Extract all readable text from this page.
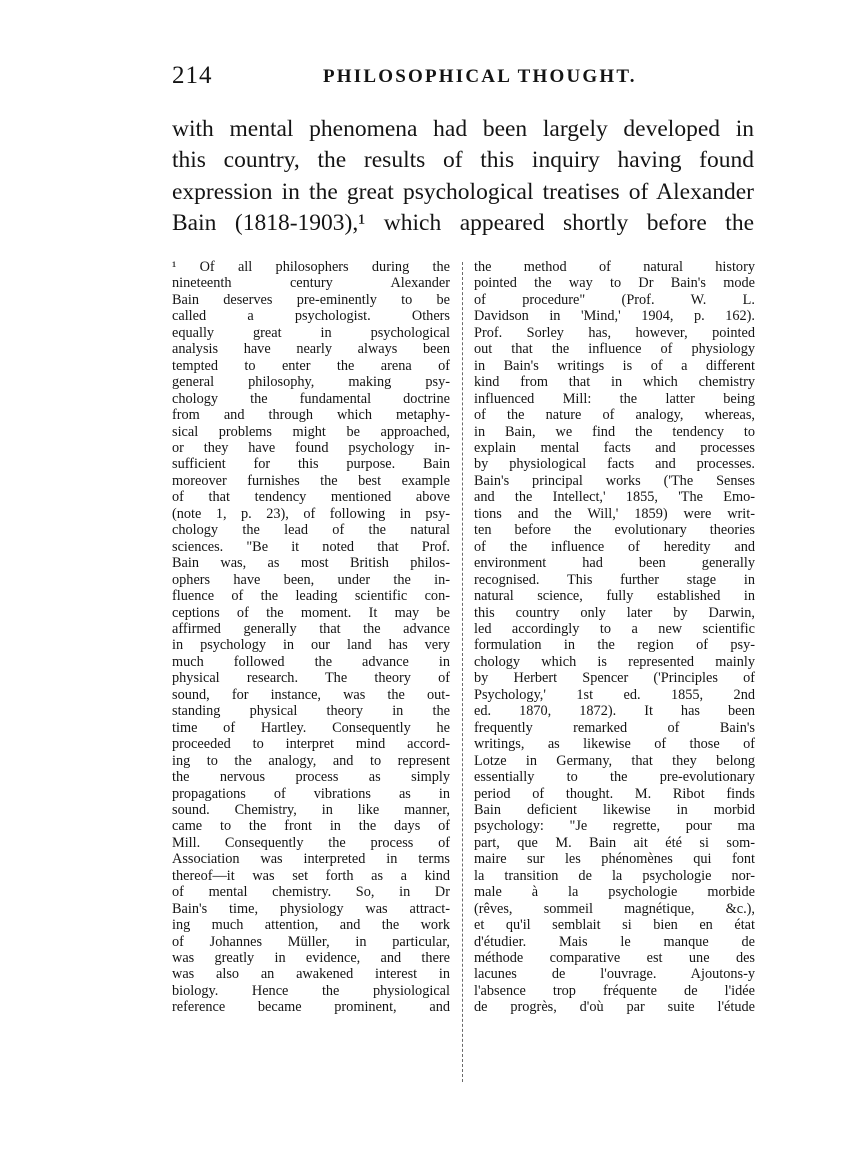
214	PHILOSOPHICAL THOUGHT.
with mental phenomena had been largely developed in
this country, the results of this inquiry having found
expression in the great psychological treatises of Alexander
Bain (1818-1903),¹ which appeared shortly before the
¹ Of all philosophers during the
nineteenth century Alexander
Bain deserves pre-eminently to be
called a psychologist. Others
equally great in psychological
analysis have nearly always been
tempted to enter the arena of
general philosophy, making psy-
chology the fundamental doctrine
from and through which metaphy-
sical problems might be approached,
or they have found psychology in-
sufficient for this purpose. Bain
moreover furnishes the best example
of that tendency mentioned above
(note 1, p. 23), of following in psy-
chology the lead of the natural
sciences. "Be it noted that Prof.
Bain was, as most British philos-
ophers have been, under the in-
fluence of the leading scientific con-
ceptions of the moment. It may be
affirmed generally that the advance
in psychology in our land has very
much followed the advance in
physical research. The theory of
sound, for instance, was the out-
standing physical theory in the
time of Hartley. Consequently he
proceeded to interpret mind accord-
ing to the analogy, and to represent
the nervous process as simply
propagations of vibrations as in
sound. Chemistry, in like manner,
came to the front in the days of
Mill. Consequently the process of
Association was interpreted in terms
thereof—it was set forth as a kind
of mental chemistry. So, in Dr
Bain's time, physiology was attract-
ing much attention, and the work
of Johannes Müller, in particular,
was greatly in evidence, and there
was also an awakened interest in
biology. Hence the physiological
reference became prominent, and
the method of natural history
pointed the way to Dr Bain's mode
of procedure" (Prof. W. L.
Davidson in 'Mind,' 1904, p. 162).
Prof. Sorley has, however, pointed
out that the influence of physiology
in Bain's writings is of a different
kind from that in which chemistry
influenced Mill: the latter being
of the nature of analogy, whereas,
in Bain, we find the tendency to
explain mental facts and processes
by physiological facts and processes.
Bain's principal works ('The Senses
and the Intellect,' 1855, 'The Emo-
tions and the Will,' 1859) were writ-
ten before the evolutionary theories
of the influence of heredity and
environment had been generally
recognised. This further stage in
natural science, fully established in
this country only later by Darwin,
led accordingly to a new scientific
formulation in the region of psy-
chology which is represented mainly
by Herbert Spencer ('Principles of
Psychology,' 1st ed. 1855, 2nd
ed. 1870, 1872). It has been
frequently remarked of Bain's
writings, as likewise of those of
Lotze in Germany, that they belong
essentially to the pre-evolutionary
period of thought. M. Ribot finds
Bain deficient likewise in morbid
psychology: "Je regrette, pour ma
part, que M. Bain ait été si som-
maire sur les phénomènes qui font
la transition de la psychologie nor-
male à la psychologie morbide
(rêves, sommeil magnétique, &c.),
et qu'il semblait si bien en état
d'étudier. Mais le manque de
méthode comparative est une des
lacunes de l'ouvrage. Ajoutons-y
l'absence trop fréquente de l'idée
de progrès, d'où par suite l'étude
